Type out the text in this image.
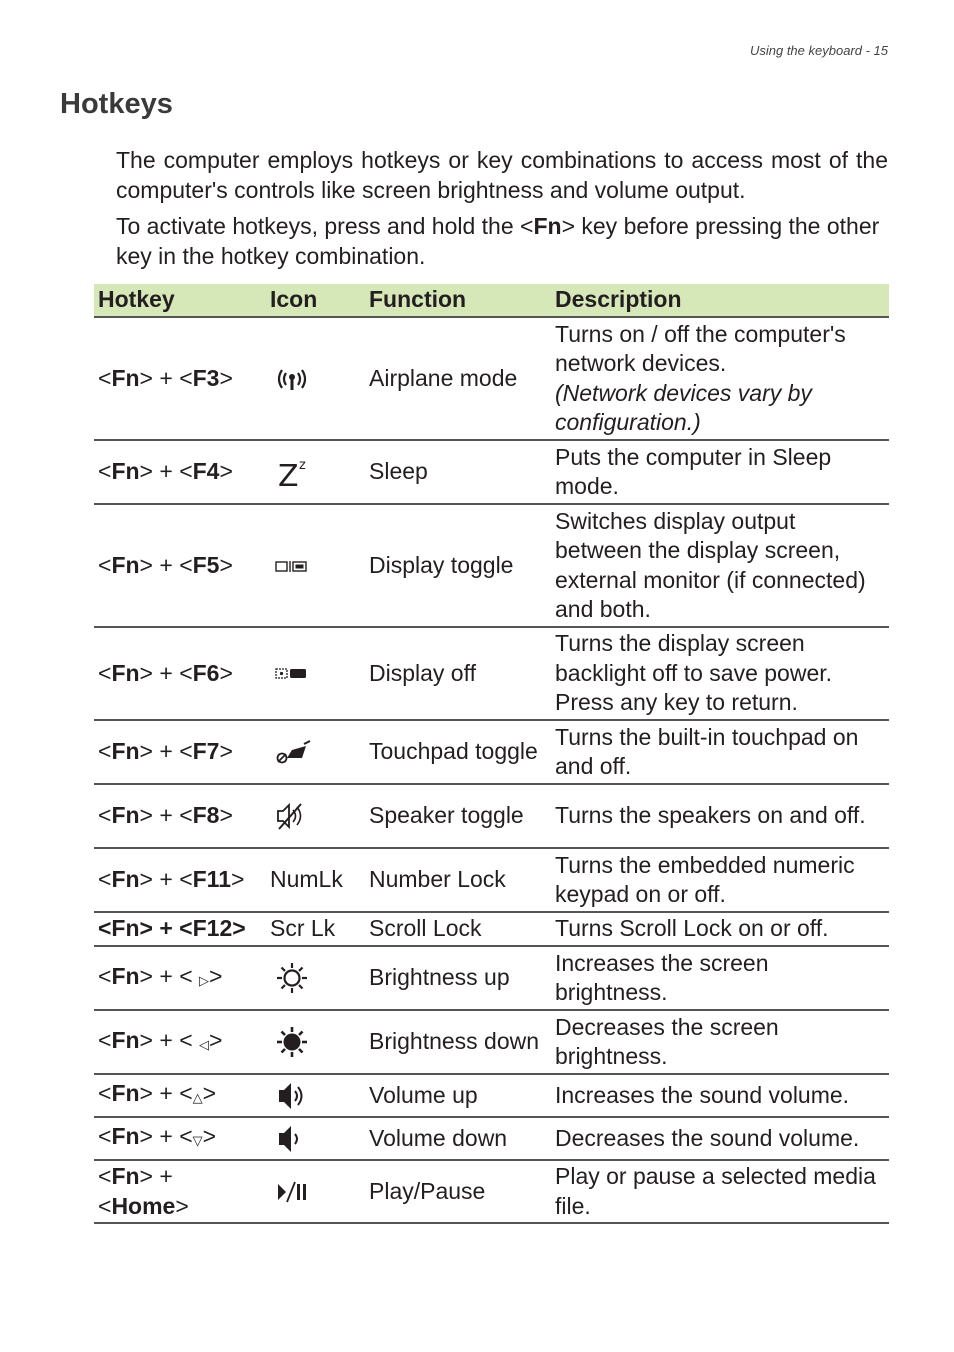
Using the keyboard - 15
Hotkeys

The computer employs hotkeys or key combinations to access most of the computer's controls like screen brightness and volume output.

To activate hotkeys, press and hold the <Fn> key before pressing the other key in the hotkey combination.

Hotkey	Icon	Function	Description
<Fn> + <F3>		Airplane mode	Turns on / off the computer's network devices.
(Network devices vary by configuration.)
<Fn> + <F4>	Z z	Sleep	Puts the computer in Sleep mode.
<Fn> + <F5>		Display toggle	Switches display output between the display screen, external monitor (if connected) and both.
<Fn> + <F6>		Display off	Turns the display screen backlight off to save power. Press any key to return.
<Fn> + <F7>		Touchpad toggle	Turns the built-in touchpad on and off.
<Fn> + <F8>		Speaker toggle	Turns the speakers on and off.
<Fn> + <F11>	NumLk	Number Lock	Turns the embedded numeric keypad on or off.
<Fn> + <F12>	Scr Lk	Scroll Lock	Turns Scroll Lock on or off.
<Fn> + < ▷>		Brightness up	Increases the screen brightness.
<Fn> + < ◁>		Brightness down	Decreases the screen brightness.
<Fn> + <△>		Volume up	Increases the sound volume.
<Fn> + <▽>		Volume down	Decreases the sound volume.
<Fn> +
<Home>		Play/Pause	Play or pause a selected media file.
